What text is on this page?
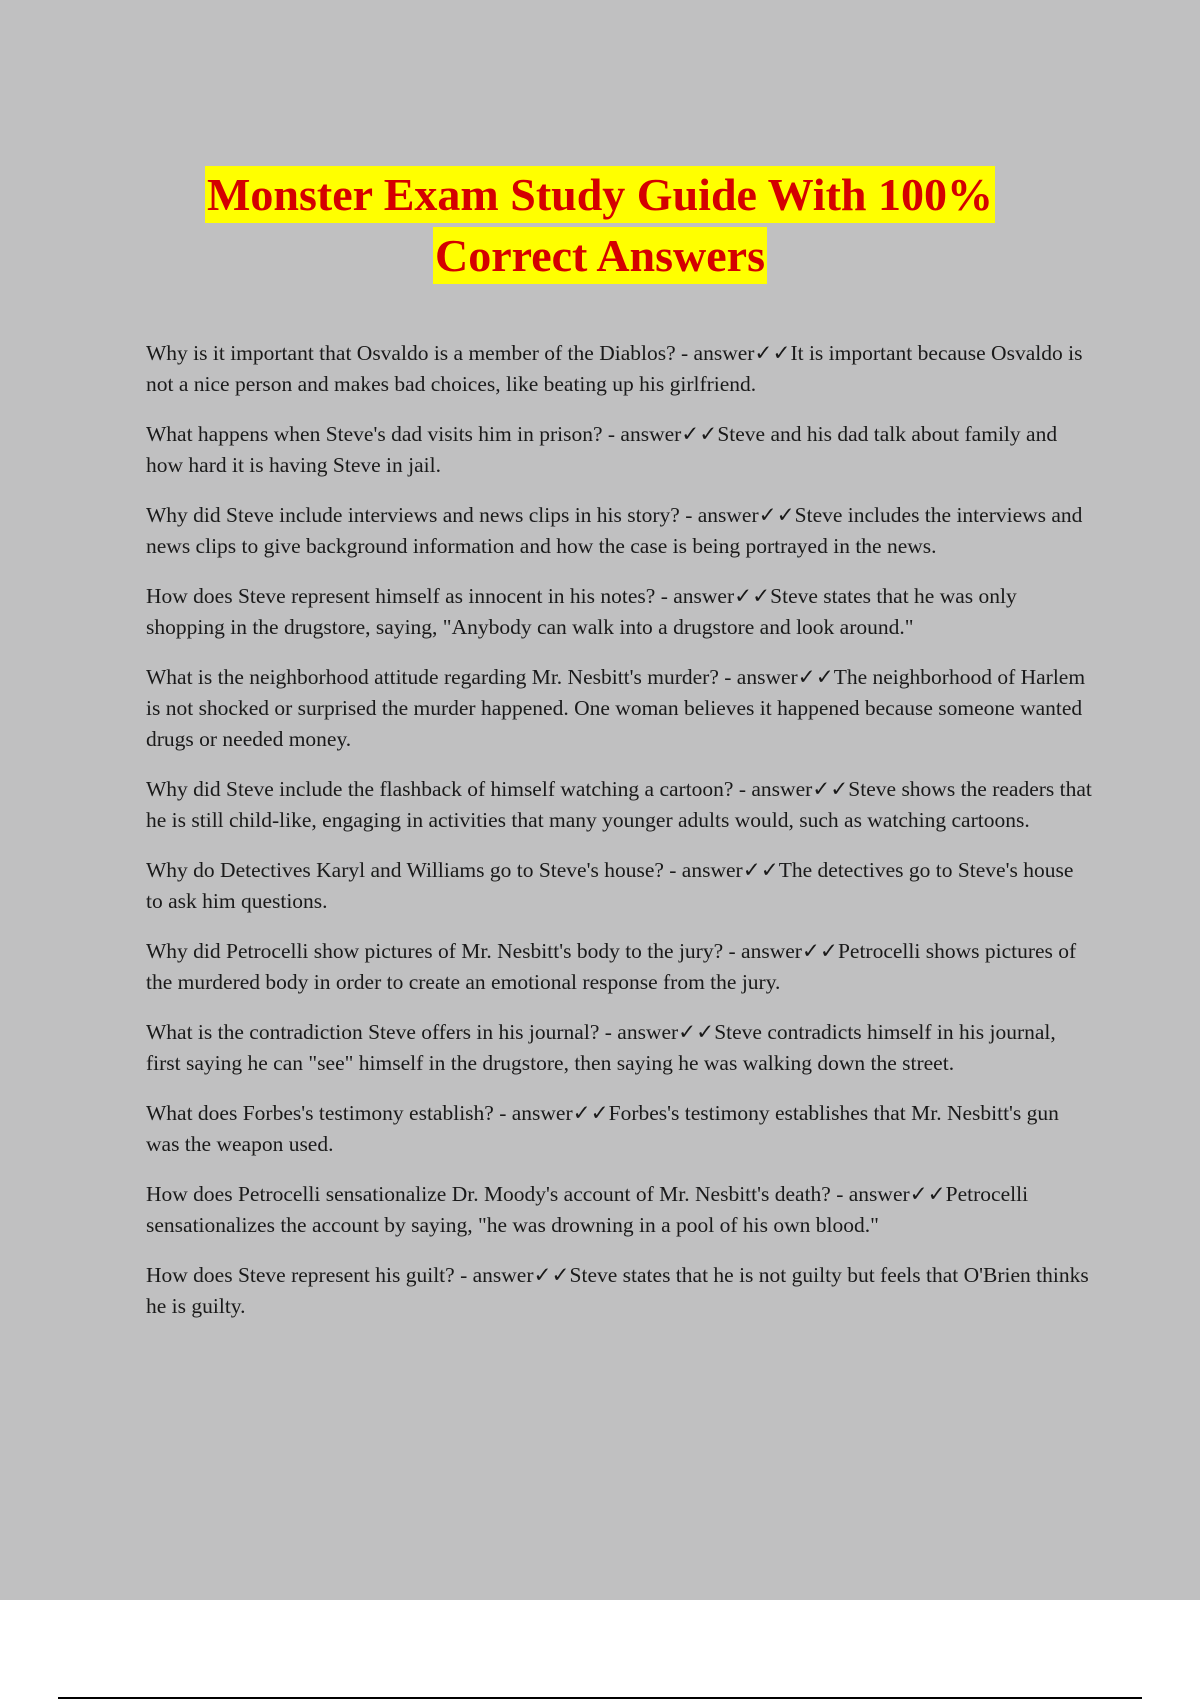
Monster Exam Study Guide With 100%
Correct Answers

Why is it important that Osvaldo is a member of the Diablos? - answer✓✓It is important because Osvaldo is not a nice person and makes bad choices, like beating up his girlfriend.

What happens when Steve's dad visits him in prison? - answer✓✓Steve and his dad talk about family and how hard it is having Steve in jail.

Why did Steve include interviews and news clips in his story? - answer✓✓Steve includes the interviews and news clips to give background information and how the case is being portrayed in the news.

How does Steve represent himself as innocent in his notes? - answer✓✓Steve states that he was only shopping in the drugstore, saying, "Anybody can walk into a drugstore and look around."

What is the neighborhood attitude regarding Mr. Nesbitt's murder? - answer✓✓The neighborhood of Harlem is not shocked or surprised the murder happened. One woman believes it happened because someone wanted drugs or needed money.

Why did Steve include the flashback of himself watching a cartoon? - answer✓✓Steve shows the readers that he is still child-like, engaging in activities that many younger adults would, such as watching cartoons.

Why do Detectives Karyl and Williams go to Steve's house? - answer✓✓The detectives go to Steve's house to ask him questions.

Why did Petrocelli show pictures of Mr. Nesbitt's body to the jury? - answer✓✓Petrocelli shows pictures of the murdered body in order to create an emotional response from the jury.

What is the contradiction Steve offers in his journal? - answer✓✓Steve contradicts himself in his journal, first saying he can "see" himself in the drugstore, then saying he was walking down the street.

What does Forbes's testimony establish? - answer✓✓Forbes's testimony establishes that Mr. Nesbitt's gun was the weapon used.

How does Petrocelli sensationalize Dr. Moody's account of Mr. Nesbitt's death? - answer✓✓Petrocelli sensationalizes the account by saying, "he was drowning in a pool of his own blood."

How does Steve represent his guilt? - answer✓✓Steve states that he is not guilty but feels that O'Brien thinks he is guilty.
